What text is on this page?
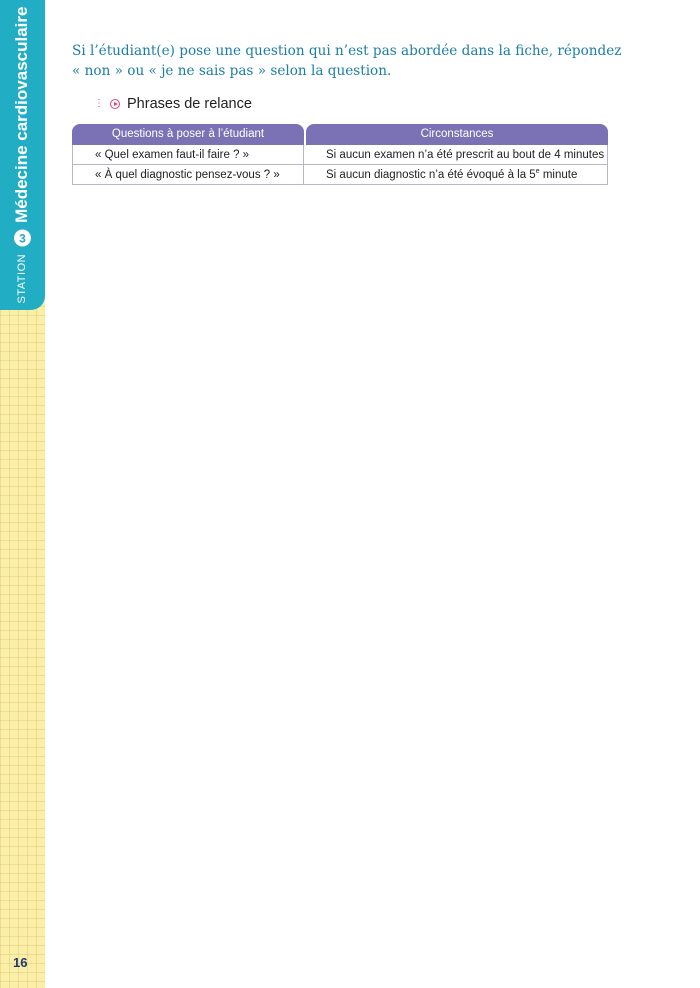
STATION
3
Médecine cardiovasculaire
16

Si l’étudiant(e) pose une question qui n’est pas abordée dans la fiche, répondez « non » ou « je ne sais pas » selon la question.

⋮ Phrases de relance
Questions à poser à l’étudiant	Circonstances
« Quel examen faut-il faire ? »	Si aucun examen n’a été prescrit au bout de 4 minutes
« À quel diagnostic pensez-vous ? »	Si aucun diagnostic n’a été évoqué à la 5e minute
